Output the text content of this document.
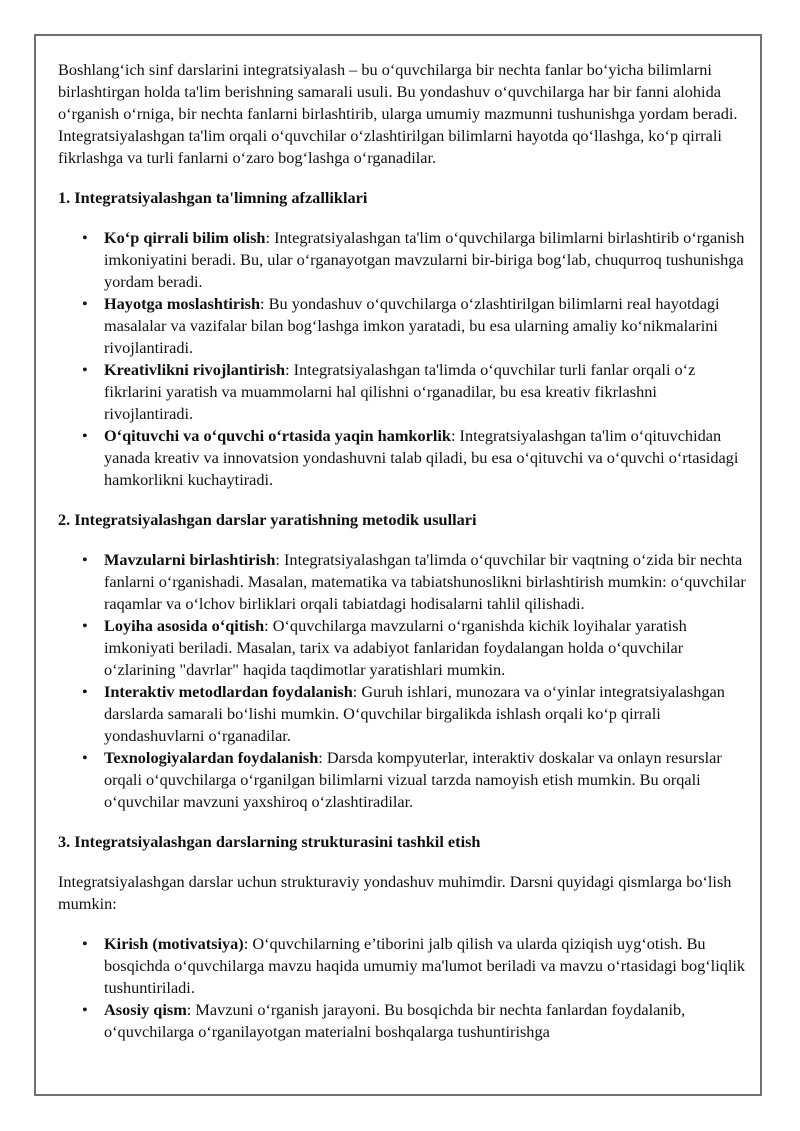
Boshlang‘ich sinf darslarini integratsiyalash – bu o‘quvchilarga bir nechta fanlar bo‘yicha bilimlarni birlashtirgan holda ta'lim berishning samarali usuli. Bu yondashuv o‘quvchilarga har bir fanni alohida o‘rganish o‘rniga, bir nechta fanlarni birlashtirib, ularga umumiy mazmunni tushunishga yordam beradi. Integratsiyalashgan ta'lim orqali o‘quvchilar o‘zlashtirilgan bilimlarni hayotda qo‘llashga, ko‘p qirrali fikrlashga va turli fanlarni o‘zaro bog‘lashga o‘rganadilar.

1. Integratsiyalashgan ta'limning afzalliklari
• Ko‘p qirrali bilim olish: Integratsiyalashgan ta'lim o‘quvchilarga bilimlarni birlashtirib o‘rganish imkoniyatini beradi. Bu, ular o‘rganayotgan mavzularni bir-biriga bog‘lab, chuqurroq tushunishga yordam beradi.
• Hayotga moslashtirish: Bu yondashuv o‘quvchilarga o‘zlashtirilgan bilimlarni real hayotdagi masalalar va vazifalar bilan bog‘lashga imkon yaratadi, bu esa ularning amaliy ko‘nikmalarini rivojlantiradi.
• Kreativlikni rivojlantirish: Integratsiyalashgan ta'limda o‘quvchilar turli fanlar orqali o‘z fikrlarini yaratish va muammolarni hal qilishni o‘rganadilar, bu esa kreativ fikrlashni rivojlantiradi.
• O‘qituvchi va o‘quvchi o‘rtasida yaqin hamkorlik: Integratsiyalashgan ta'lim o‘qituvchidan yanada kreativ va innovatsion yondashuvni talab qiladi, bu esa o‘qituvchi va o‘quvchi o‘rtasidagi hamkorlikni kuchaytiradi.
2. Integratsiyalashgan darslar yaratishning metodik usullari
• Mavzularni birlashtirish: Integratsiyalashgan ta'limda o‘quvchilar bir vaqtning o‘zida bir nechta fanlarni o‘rganishadi. Masalan, matematika va tabiatshunoslikni birlashtirish mumkin: o‘quvchilar raqamlar va o‘lchov birliklari orqali tabiatdagi hodisalarni tahlil qilishadi.
• Loyiha asosida o‘qitish: O‘quvchilarga mavzularni o‘rganishda kichik loyihalar yaratish imkoniyati beriladi. Masalan, tarix va adabiyot fanlaridan foydalangan holda o‘quvchilar o‘zlarining "davrlar" haqida taqdimotlar yaratishlari mumkin.
• Interaktiv metodlardan foydalanish: Guruh ishlari, munozara va o‘yinlar integratsiyalashgan darslarda samarali bo‘lishi mumkin. O‘quvchilar birgalikda ishlash orqali ko‘p qirrali yondashuvlarni o‘rganadilar.
• Texnologiyalardan foydalanish: Darsda kompyuterlar, interaktiv doskalar va onlayn resurslar orqali o‘quvchilarga o‘rganilgan bilimlarni vizual tarzda namoyish etish mumkin. Bu orqali o‘quvchilar mavzuni yaxshiroq o‘zlashtiradilar.
3. Integratsiyalashgan darslarning strukturasini tashkil etish

Integratsiyalashgan darslar uchun strukturaviy yondashuv muhimdir. Darsni quyidagi qismlarga bo‘lish mumkin:

• Kirish (motivatsiya): O‘quvchilarning e’tiborini jalb qilish va ularda qiziqish uyg‘otish. Bu bosqichda o‘quvchilarga mavzu haqida umumiy ma'lumot beriladi va mavzu o‘rtasidagi bog‘liqlik tushuntiriladi.
• Asosiy qism: Mavzuni o‘rganish jarayoni. Bu bosqichda bir nechta fanlardan foydalanib, o‘quvchilarga o‘rganilayotgan materialni boshqalarga tushuntirishga
